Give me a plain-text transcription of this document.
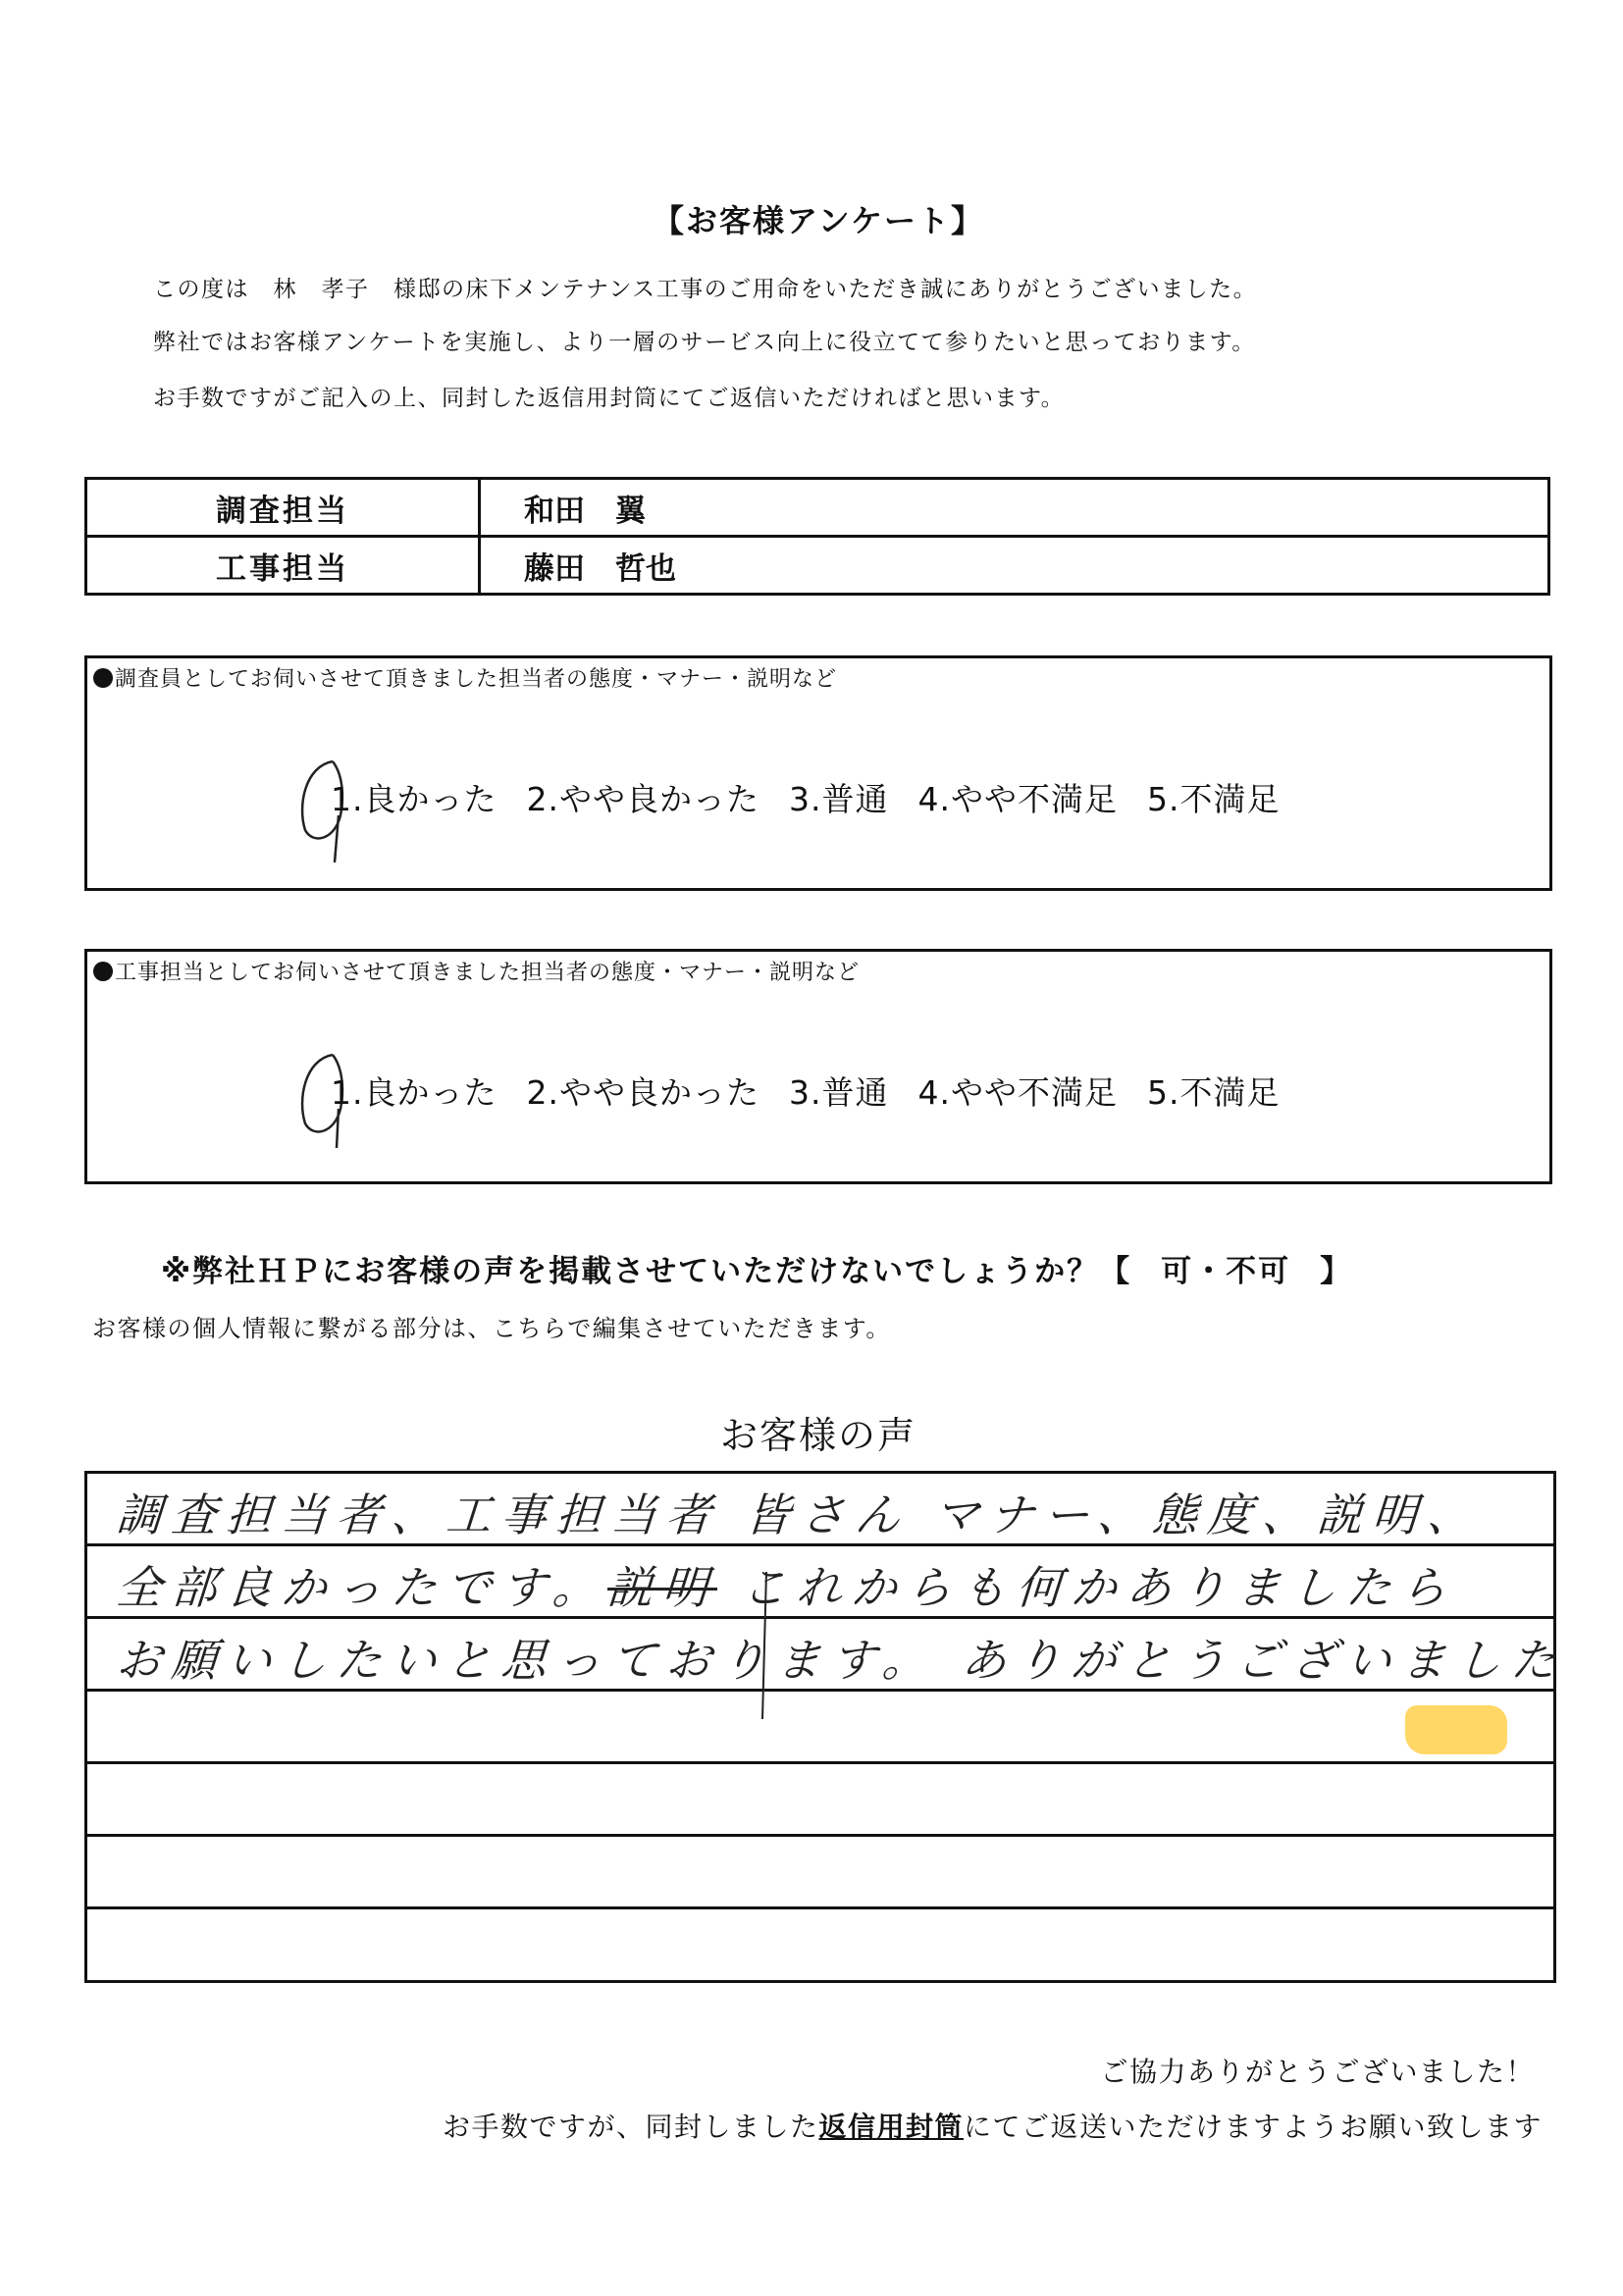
【お客様アンケート】
この度は　林　孝子　様邸の床下メンテナンス工事のご用命をいただき誠にありがとうございました。
弊社ではお客様アンケートを実施し、より一層のサービス向上に役立てて参りたいと思っております。
お手数ですがご記入の上、同封した返信用封筒にてご返信いただければと思います。
調査担当	和田　翼
工事担当	藤田　哲也
調査員としてお伺いさせて頂きました担当者の態度・マナー・説明など
1.良かった 2.やや良かった 3.普通 4.やや不満足 5.不満足
工事担当としてお伺いさせて頂きました担当者の態度・マナー・説明など
1.良かった 2.やや良かった 3.普通 4.やや不満足 5.不満足
※弊社ＨＰにお客様の声を掲載させていただけないでしょうか？【 可・不可 】
お客様の個人情報に繋がる部分は、こちらで編集させていただきます。
お客様の声
調査担当者、工事担当者 皆さん マナー、態度、説明、
全部良かったです。説明 これからも何かありましたら
お願いしたいと思っております。 ありがとうございました
ご協力ありがとうございました！
お手数ですが、同封しました返信用封筒にてご返送いただけますようお願い致します
